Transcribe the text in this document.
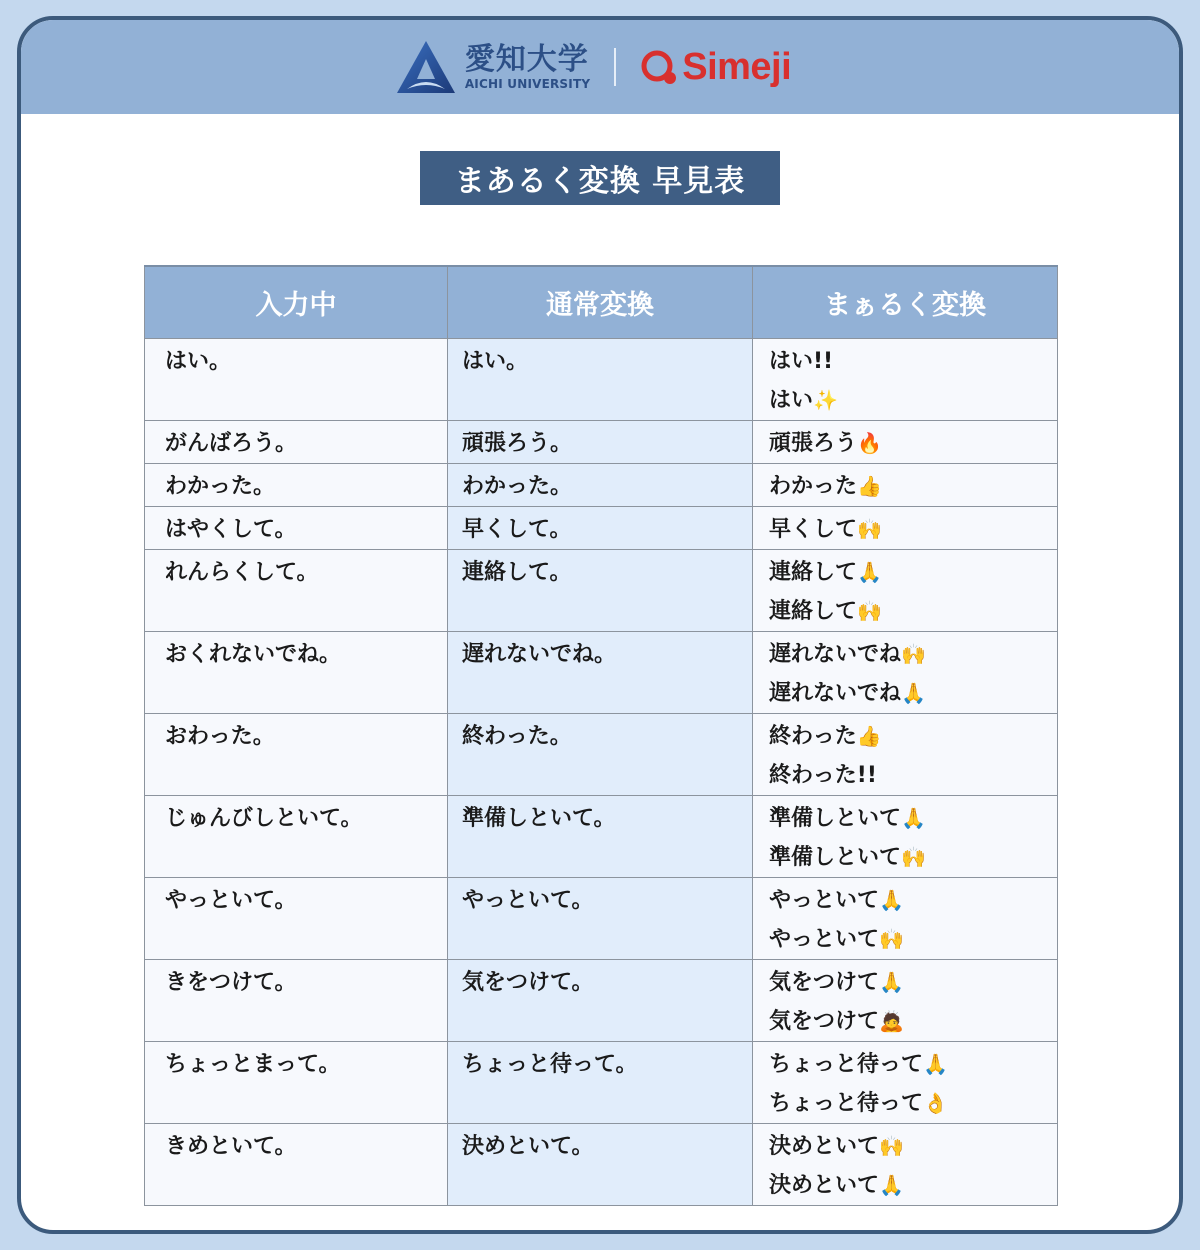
愛知大学
AICHI UNIVERSITY Simeji
まあるく変換 早見表
入力中	通常変換	まぁるく変換

はい。	はい。	はい!!
はい✨

がんばろう。	頑張ろう。	頑張ろう🔥

わかった。	わかった。	わかった👍

はやくして。	早くして。	早くして🙌

れんらくして。	連絡して。	連絡して🙏
連絡して🙌

おくれないでね。	遅れないでね。	遅れないでね🙌
遅れないでね🙏

おわった。	終わった。	終わった👍
終わった!!

じゅんびしといて。	準備しといて。	準備しといて🙏
準備しといて🙌

やっといて。	やっといて。	やっといて🙏
やっといて🙌

きをつけて。	気をつけて。	気をつけて🙏
気をつけて🙇

ちょっとまって。	ちょっと待って。	ちょっと待って🙏
ちょっと待って👌

きめといて。	決めといて。	決めといて🙌
決めといて🙏
